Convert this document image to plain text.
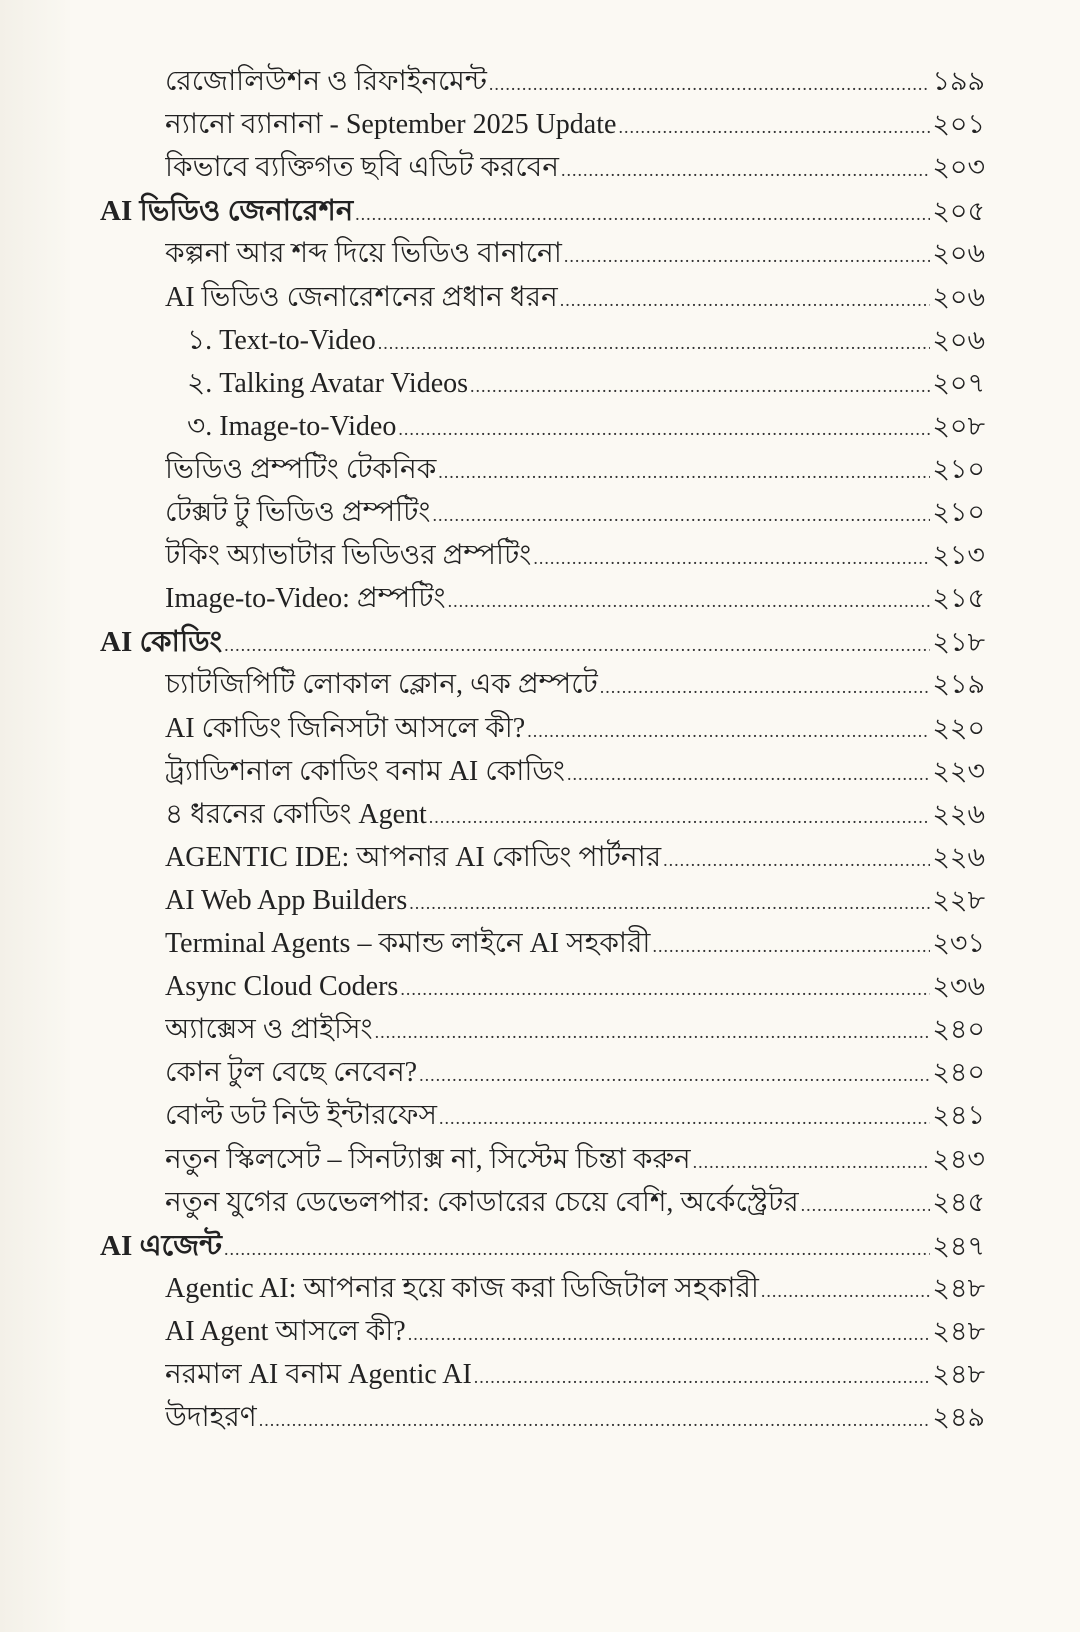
রেজোলিউশন ও রিফাইনমেন্ট .....	১৯৯
ন্যানো ব্যানানা - September 2025 Update .....	২০১
কিভাবে ব্যক্তিগত ছবি এডিট করবেন .....	২০৩
AI ভিডিও জেনারেশন .....	২০৫
কল্পনা আর শব্দ দিয়ে ভিডিও বানানো .....	২০৬
AI ভিডিও জেনারেশনের প্রধান ধরন .....	২০৬
১. Text-to-Video .....	২০৬
২. Talking Avatar Videos .....	২০৭
৩. Image-to-Video .....	২০৮
ভিডিও প্রম্পটিং টেকনিক .....	২১০
টেক্সট টু ভিডিও প্রম্পটিং .....	২১০
টকিং অ্যাভাটার ভিডিওর প্রম্পটিং .....	২১৩
Image-to-Video: প্রম্পটিং .....	২১৫
AI কোডিং .....	২১৮
চ্যাটজিপিটি লোকাল ক্লোন, এক প্রম্পটে .....	২১৯
AI কোডিং জিনিসটা আসলে কী? .....	২২০
ট্র্যাডিশনাল কোডিং বনাম AI কোডিং .....	২২৩
৪ ধরনের কোডিং Agent .....	২২৬
AGENTIC IDE: আপনার AI কোডিং পার্টনার .....	২২৬
AI Web App Builders .....	২২৮
Terminal Agents – কমান্ড লাইনে AI সহকারী .....	২৩১
Async Cloud Coders .....	২৩৬
অ্যাক্সেস ও প্রাইসিং .....	২৪০
কোন টুল বেছে নেবেন? .....	২৪০
বোল্ট ডট নিউ ইন্টারফেস .....	২৪১
নতুন স্কিলসেট – সিনট্যাক্স না, সিস্টেম চিন্তা করুন .....	২৪৩
নতুন যুগের ডেভেলপার: কোডারের চেয়ে বেশি, অর্কেস্ট্রেটর .....	২৪৫
AI এজেন্ট .....	২৪৭
Agentic AI: আপনার হয়ে কাজ করা ডিজিটাল সহকারী .....	২৪৮
AI Agent আসলে কী? .....	২৪৮
নরমাল AI বনাম Agentic AI .....	২৪৮
উদাহরণ .....	২৪৯
